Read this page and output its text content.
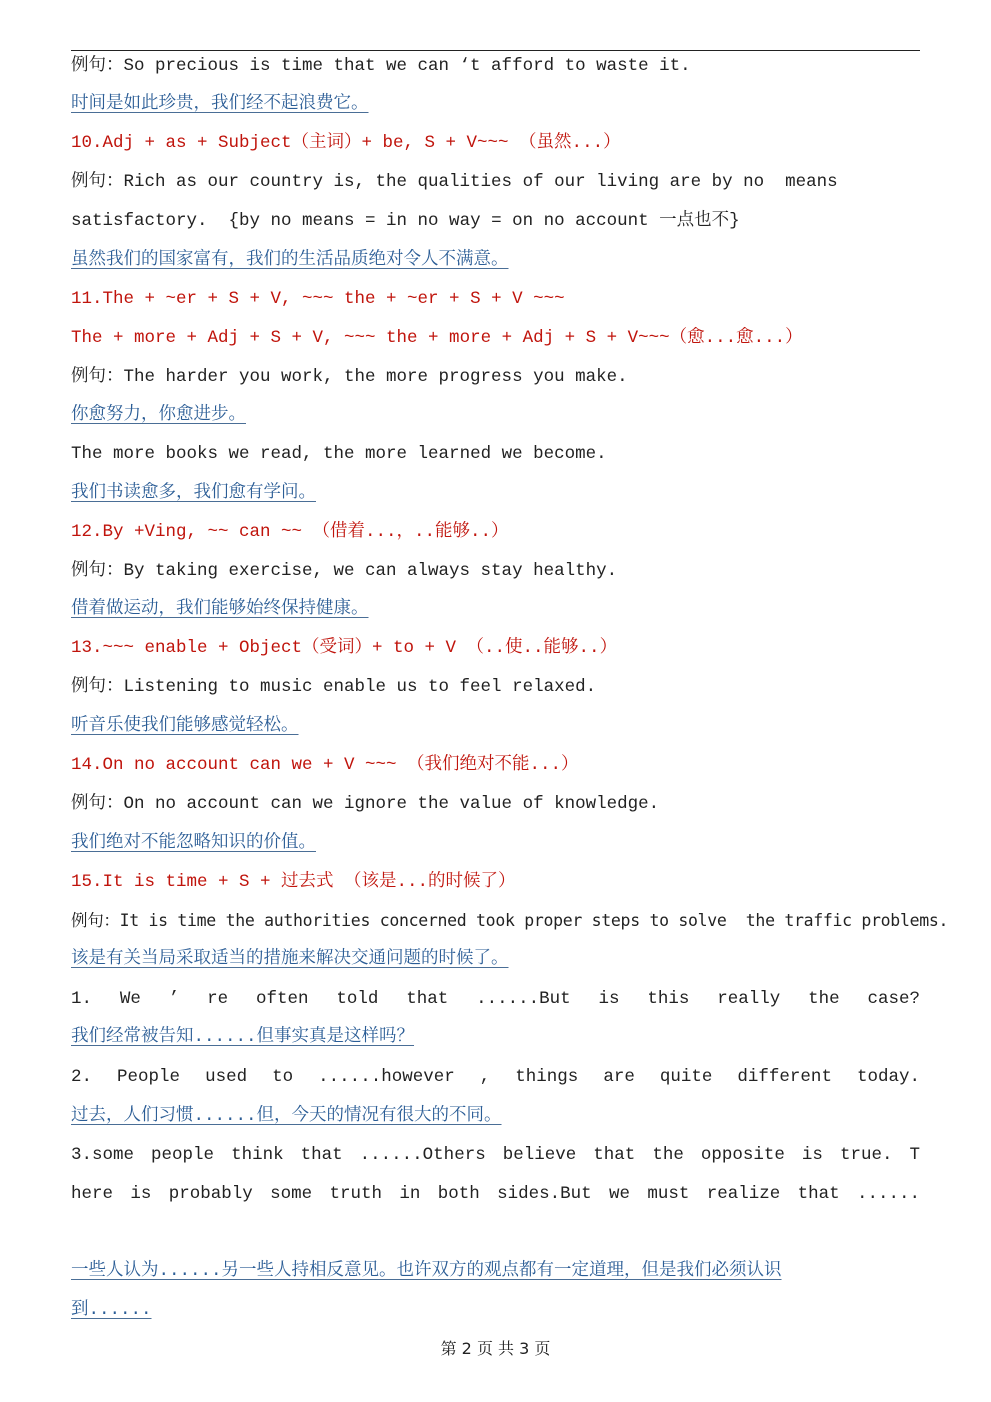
例句：So precious is time that we can ‘t afford to waste it.
时间是如此珍贵，我们经不起浪费它。
10.Adj + as + Subject（主词）+ be, S + V~~~ （虽然...）
例句：Rich as our country is, the qualities of our living are by no  means
satisfactory.  {by no means = in no way = on no account 一点也不}
虽然我们的国家富有，我们的生活品质绝对令人不满意。
11.The + ~er + S + V, ~~~ the + ~er + S + V ~~~
The + more + Adj + S + V, ~~~ the + more + Adj + S + V~~~（愈...愈...）
例句：The harder you work, the more progress you make.
你愈努力，你愈进步。
The more books we read, the more learned we become.
我们书读愈多，我们愈有学问。
12.By +Ving, ~~ can ~~ （借着...，..能够..）
例句：By taking exercise, we can always stay healthy.
借着做运动，我们能够始终保持健康。
13.~~~ enable + Object（受词）+ to + V （..使..能够..）
例句：Listening to music enable us to feel relaxed.
听音乐使我们能够感觉轻松。
14.On no account can we + V ~~~ （我们绝对不能...）
例句：On no account can we ignore the value of knowledge.
我们绝对不能忽略知识的价值。
15.It is time + S + 过去式 （该是...的时候了）
例句：It is time the authorities concerned took proper steps to solve  the traffic problems.
该是有关当局采取适当的措施来解决交通问题的时候了。
1. We ’ re often told that ......But is this really the case?
我们经常被告知......但事实真是这样吗？
2. People used to ......however , things are quite different today.
过去，人们习惯......但，今天的情况有很大的不同。
3.some people think that ......Others believe that the opposite is true. T
here is probably some truth in both sides.But we must realize that ......
一些人认为......另一些人持相反意见。也许双方的观点都有一定道理，但是我们必须认识
到......
第 2 页 共 3 页
